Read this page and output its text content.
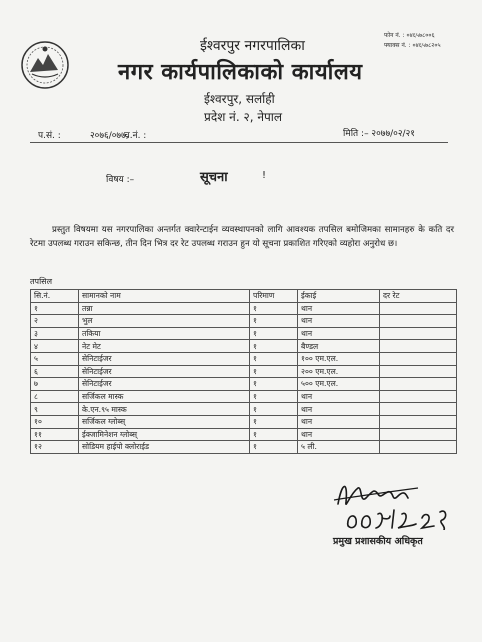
फोन नं. : ०४६५७८००६
फ्याक्स नं. : ०४६५७८२०५
ईश्वरपुर नगरपालिका
नगर कार्यपालिकाको कार्यालय
ईश्वरपुर, सर्लाही
प्रदेश नं. २, नेपाल
प.सं. :	२०७६/०७७,
च.नं. :	मिति :– २०७७/०२/२१
विषय :–	सूचना	!
प्रस्तुत विषयमा यस नगरपालिका अन्तर्गत क्वारेन्टाईन व्यवस्थापनको लागि आवश्यक तपसिल बमोजिमका सामानहरु के कति दर रेटमा उपलब्ध गराउन सकिन्छ, तीन दिन भित्र दर रेट उपलब्ध गराउन हुन यो सूचना प्रकाशित गरिएको व्यहोरा अनुरोध छ।
तपसिल
सि.नं.	सामानको नाम	परिमाण	ईकाई	दर रेट
१	तन्ना	१	थान	
२	भुल	१	थान	
३	तकिया	१	थान	
४	नेट मेट	१	बैण्डल	
५	सेनिटाईजर	१	१०० एम.एल.	
६	सेनिटाईजर	१	२०० एम.एल.	
७	सेनिटाईजर	१	५०० एम.एल.	
८	सर्जिकल मास्क	१	थान	
९	के.एन.९५ मास्क	१	थान	
१०	सर्जिकल ग्लोब्स्	१	थान	
११	ईक्जामिनेशन ग्लोब्स्	१	थान	
१२	सोडियम हाईपो क्लोराईड	१	५ ली.	
प्रमुख प्रशासकीय अधिकृत
